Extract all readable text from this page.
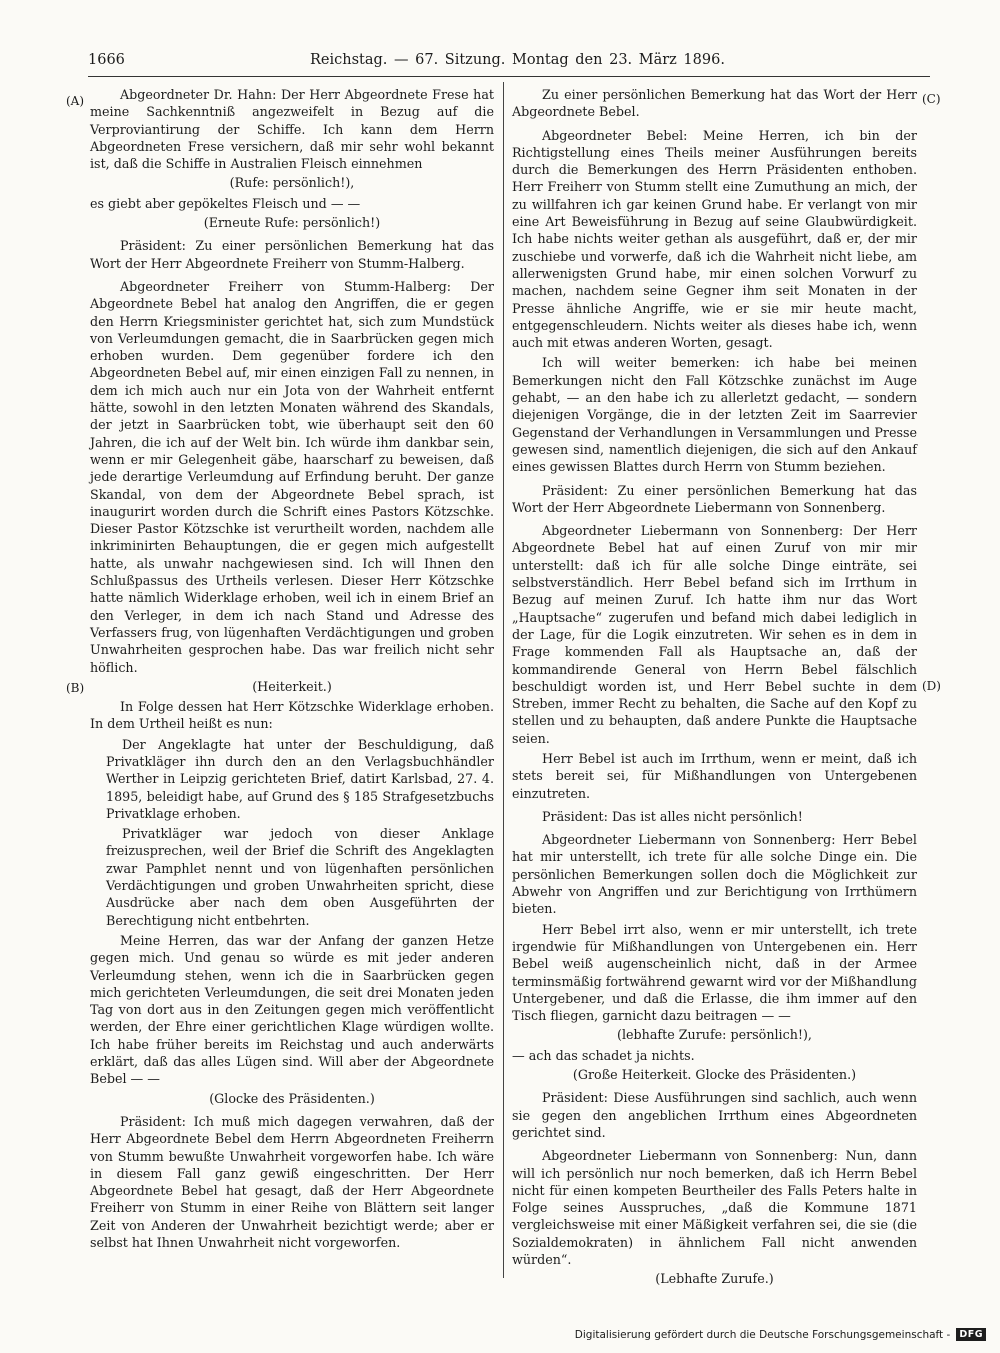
1666	Reichstag. — 67. Sitzung. Montag den 23. März 1896.
(A)
(B)
(C)
(D)

Abgeordneter Dr. Hahn: Der Herr Abgeordnete Frese hat meine Sachkenntniß angezweifelt in Bezug auf die Verproviantirung der Schiffe. Ich kann dem Herrn Abgeordneten Frese versichern, daß mir sehr wohl bekannt ist, daß die Schiffe in Australien Fleisch einnehmen

(Rufe: persönlich!),

es giebt aber gepökeltes Fleisch und — —

(Erneute Rufe: persönlich!)

Präsident: Zu einer persönlichen Bemerkung hat das Wort der Herr Abgeordnete Freiherr von Stumm-Halberg.

Abgeordneter Freiherr von Stumm-Halberg: Der Abgeordnete Bebel hat analog den Angriffen, die er gegen den Herrn Kriegsminister gerichtet hat, sich zum Mundstück von Verleumdungen gemacht, die in Saarbrücken gegen mich erhoben wurden. Dem gegenüber fordere ich den Abgeordneten Bebel auf, mir einen einzigen Fall zu nennen, in dem ich mich auch nur ein Jota von der Wahrheit entfernt hätte, sowohl in den letzten Monaten während des Skandals, der jetzt in Saarbrücken tobt, wie überhaupt seit den 60 Jahren, die ich auf der Welt bin. Ich würde ihm dankbar sein, wenn er mir Gelegenheit gäbe, haarscharf zu beweisen, daß jede derartige Verleumdung auf Erfindung beruht. Der ganze Skandal, von dem der Abgeordnete Bebel sprach, ist inaugurirt worden durch die Schrift eines Pastors Kötzschke. Dieser Pastor Kötzschke ist verurtheilt worden, nachdem alle inkriminirten Behauptungen, die er gegen mich aufgestellt hatte, als unwahr nachgewiesen sind. Ich will Ihnen den Schlußpassus des Urtheils verlesen. Dieser Herr Kötzschke hatte nämlich Widerklage erhoben, weil ich in einem Brief an den Verleger, in dem ich nach Stand und Adresse des Verfassers frug, von lügenhaften Verdächtigungen und groben Unwahrheiten gesprochen habe. Das war freilich nicht sehr höflich.

(Heiterkeit.)

In Folge dessen hat Herr Kötzschke Widerklage erhoben. In dem Urtheil heißt es nun:

Der Angeklagte hat unter der Beschuldigung, daß Privatkläger ihn durch den an den Verlagsbuchhändler Werther in Leipzig gerichteten Brief, datirt Karlsbad, 27. 4. 1895, beleidigt habe, auf Grund des § 185 Strafgesetzbuchs Privatklage erhoben.

Privatkläger war jedoch von dieser Anklage freizusprechen, weil der Brief die Schrift des Angeklagten zwar Pamphlet nennt und von lügenhaften persönlichen Verdächtigungen und groben Unwahrheiten spricht, diese Ausdrücke aber nach dem oben Ausgeführten der Berechtigung nicht entbehrten.

Meine Herren, das war der Anfang der ganzen Hetze gegen mich. Und genau so würde es mit jeder anderen Verleumdung stehen, wenn ich die in Saarbrücken gegen mich gerichteten Verleumdungen, die seit drei Monaten jeden Tag von dort aus in den Zeitungen gegen mich veröffentlicht werden, der Ehre einer gerichtlichen Klage würdigen wollte. Ich habe früher bereits im Reichstag und auch anderwärts erklärt, daß das alles Lügen sind. Will aber der Abgeordnete Bebel — —

(Glocke des Präsidenten.)

Präsident: Ich muß mich dagegen verwahren, daß der Herr Abgeordnete Bebel dem Herrn Abgeordneten Freiherrn von Stumm bewußte Unwahrheit vorgeworfen habe. Ich wäre in diesem Fall ganz gewiß eingeschritten. Der Herr Abgeordnete Bebel hat gesagt, daß der Herr Abgeordnete Freiherr von Stumm in einer Reihe von Blättern seit langer Zeit von Anderen der Unwahrheit bezichtigt werde; aber er selbst hat Ihnen Unwahrheit nicht vorgeworfen.

Zu einer persönlichen Bemerkung hat das Wort der Herr Abgeordnete Bebel.

Abgeordneter Bebel: Meine Herren, ich bin der Richtigstellung eines Theils meiner Ausführungen bereits durch die Bemerkungen des Herrn Präsidenten enthoben. Herr Freiherr von Stumm stellt eine Zumuthung an mich, der zu willfahren ich gar keinen Grund habe. Er verlangt von mir eine Art Beweisführung in Bezug auf seine Glaubwürdigkeit. Ich habe nichts weiter gethan als ausgeführt, daß er, der mir zuschiebe und vorwerfe, daß ich die Wahrheit nicht liebe, am allerwenigsten Grund habe, mir einen solchen Vorwurf zu machen, nachdem seine Gegner ihm seit Monaten in der Presse ähnliche Angriffe, wie er sie mir heute macht, entgegenschleudern. Nichts weiter als dieses habe ich, wenn auch mit etwas anderen Worten, gesagt.

Ich will weiter bemerken: ich habe bei meinen Bemerkungen nicht den Fall Kötzschke zunächst im Auge gehabt, — an den habe ich zu allerletzt gedacht, — sondern diejenigen Vorgänge, die in der letzten Zeit im Saarrevier Gegenstand der Verhandlungen in Versammlungen und Presse gewesen sind, namentlich diejenigen, die sich auf den Ankauf eines gewissen Blattes durch Herrn von Stumm beziehen.

Präsident: Zu einer persönlichen Bemerkung hat das Wort der Herr Abgeordnete Liebermann von Sonnenberg.

Abgeordneter Liebermann von Sonnenberg: Der Herr Abgeordnete Bebel hat auf einen Zuruf von mir mir unterstellt: daß ich für alle solche Dinge einträte, sei selbstverständlich. Herr Bebel befand sich im Irrthum in Bezug auf meinen Zuruf. Ich hatte ihm nur das Wort „Hauptsache“ zugerufen und befand mich dabei lediglich in der Lage, für die Logik einzutreten. Wir sehen es in dem in Frage kommenden Fall als Hauptsache an, daß der kommandirende General von Herrn Bebel fälschlich beschuldigt worden ist, und Herr Bebel suchte in dem Streben, immer Recht zu behalten, die Sache auf den Kopf zu stellen und zu behaupten, daß andere Punkte die Hauptsache seien.

Herr Bebel ist auch im Irrthum, wenn er meint, daß ich stets bereit sei, für Mißhandlungen von Untergebenen einzutreten.

Präsident: Das ist alles nicht persönlich!

Abgeordneter Liebermann von Sonnenberg: Herr Bebel hat mir unterstellt, ich trete für alle solche Dinge ein. Die persönlichen Bemerkungen sollen doch die Möglichkeit zur Abwehr von Angriffen und zur Berichtigung von Irrthümern bieten.

Herr Bebel irrt also, wenn er mir unterstellt, ich trete irgendwie für Mißhandlungen von Untergebenen ein. Herr Bebel weiß augenscheinlich nicht, daß in der Armee terminsmäßig fortwährend gewarnt wird vor der Mißhandlung Untergebener, und daß die Erlasse, die ihm immer auf den Tisch fliegen, garnicht dazu beitragen — —

(lebhafte Zurufe: persönlich!),

— ach das schadet ja nichts.

(Große Heiterkeit. Glocke des Präsidenten.)

Präsident: Diese Ausführungen sind sachlich, auch wenn sie gegen den angeblichen Irrthum eines Abgeordneten gerichtet sind.

Abgeordneter Liebermann von Sonnenberg: Nun, dann will ich persönlich nur noch bemerken, daß ich Herrn Bebel nicht für einen kompeten Beurtheiler des Falls Peters halte in Folge seines Ausspruches, „daß die Kommune 1871 vergleichsweise mit einer Mäßigkeit verfahren sei, die sie (die Sozialdemokraten) in ähnlichem Fall nicht anwenden würden“.

(Lebhafte Zurufe.)

Digitalisierung gefördert durch die Deutsche Forschungsgemeinschaft - DFG
